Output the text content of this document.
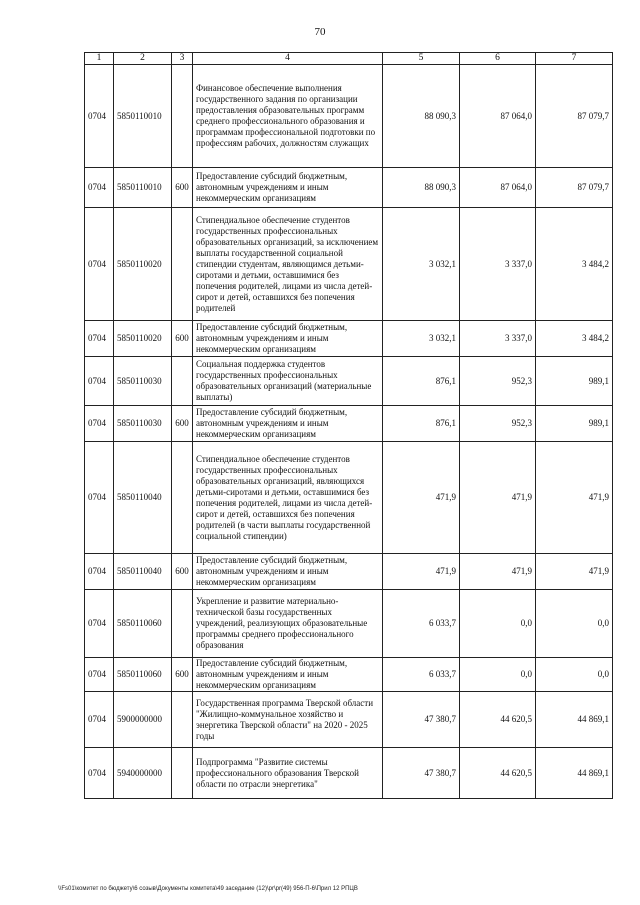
70
1	2	3	4	5	6	7
0704	5850110010		Финансовое обеспечение выполнения государственного задания по организации предоставления образовательных программ среднего профессионального образования и программам профессиональной подготовки по профессиям рабочих, должностям служащих	88 090,3	87 064,0	87 079,7
0704	5850110010	600	Предоставление субсидий бюджетным, автономным учреждениям и иным некоммерческим организациям	88 090,3	87 064,0	87 079,7
0704	5850110020		Стипендиальное обеспечение студентов государственных профессиональных образовательных организаций, за исключением выплаты государственной социальной стипендии студентам, являющимся детьми-сиротами и детьми, оставшимися без попечения родителей, лицами из числа детей-сирот и детей, оставшихся без попечения родителей	3 032,1	3 337,0	3 484,2
0704	5850110020	600	Предоставление субсидий бюджетным, автономным учреждениям и иным некоммерческим организациям	3 032,1	3 337,0	3 484,2
0704	5850110030		Социальная поддержка студентов государственных профессиональных образовательных организаций (материальные выплаты)	876,1	952,3	989,1
0704	5850110030	600	Предоставление субсидий бюджетным, автономным учреждениям и иным некоммерческим организациям	876,1	952,3	989,1
0704	5850110040		Стипендиальное обеспечение студентов государственных профессиональных образовательных организаций, являющихся детьми-сиротами и детьми, оставшимися без попечения родителей, лицами из числа детей-сирот и детей, оставшихся без попечения родителей (в части выплаты государственной социальной стипендии)	471,9	471,9	471,9
0704	5850110040	600	Предоставление субсидий бюджетным, автономным учреждениям и иным некоммерческим организациям	471,9	471,9	471,9
0704	5850110060		Укрепление и развитие материально-технической базы государственных учреждений, реализующих образовательные программы среднего профессионального образования	6 033,7	0,0	0,0
0704	5850110060	600	Предоставление субсидий бюджетным, автономным учреждениям и иным некоммерческим организациям	6 033,7	0,0	0,0
0704	5900000000		Государственная программа Тверской области "Жилищно-коммунальное хозяйство и энергетика Тверской области" на 2020 - 2025 годы	47 380,7	44 620,5	44 869,1
0704	5940000000		Подпрограмма "Развитие системы профессионального образования Тверской области по отрасли энергетика"	47 380,7	44 620,5	44 869,1
\\Fs01\комитет по бюджету\6 созыв\Документы комитета\49 заседание (12)\pr\pr(49) 956-П-6\Прил 12 РПЦВ
